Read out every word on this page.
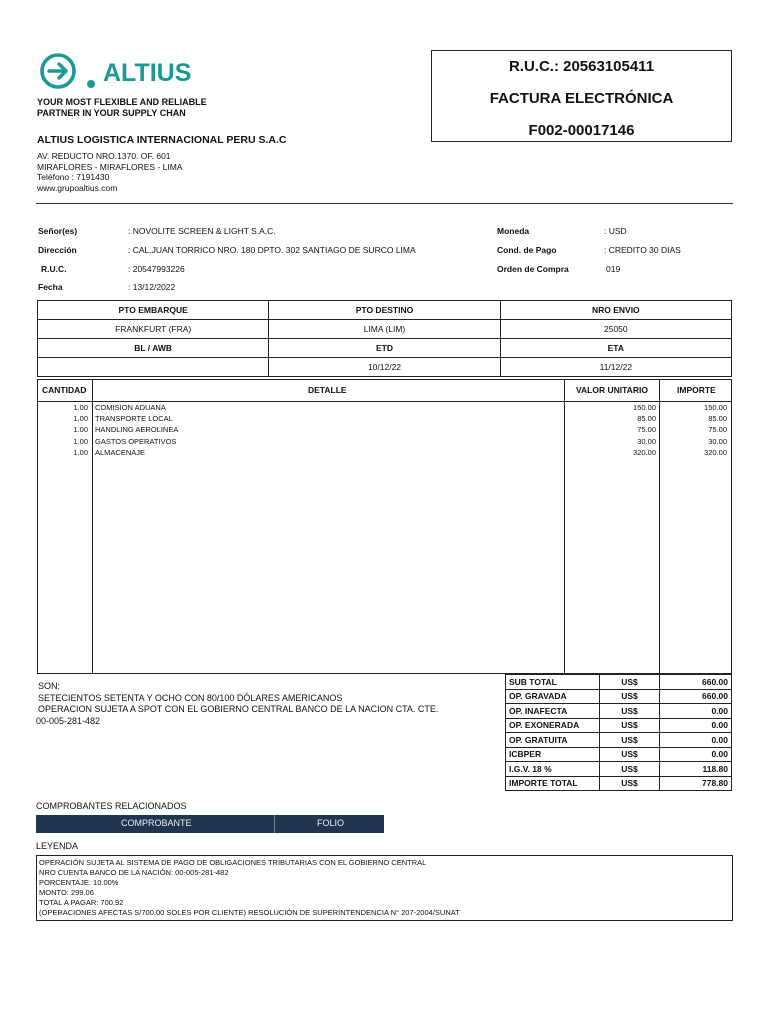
ALTIUS
YOUR MOST FLEXIBLE AND RELIABLE
PARTNER IN YOUR SUPPLY CHAN
ALTIUS LOGISTICA INTERNACIONAL PERU S.A.C
AV. REDUCTO NRO.1370. OF. 601
MIRAFLORES - MIRAFLORES - LIMA
Teléfono : 7191430
www.grupoaltius.com
R.U.C.: 20563105411
FACTURA ELECTRÓNICA
F002-00017146
Señor(es)	: NOVOLITE SCREEN & LIGHT S.A.C.
Dirección	: CAL.JUAN TORRICO NRO. 180 DPTO. 302 SANTIAGO DE SURCO LIMA
R.U.C.	: 20547993226
Fecha	: 13/12/2022
Moneda	: USD
Cond. de Pago	: CREDITO 30 DIAS
Orden de Compra	019
PTO EMBARQUE	PTO DESTINO	NRO ENVIO
FRANKFURT (FRA)	LIMA (LIM)	25050
BL / AWB	ETD	ETA
	10/12/22	11/12/22
CANTIDAD	DETALLE	VALOR UNITARIO	IMPORTE
1.00 COMISION ADUANA	150.00	150.00
1.00 TRANSPORTE LOCAL	85.00	85.00
1.00 HANDLING AEROLINEA	75.00	75.00
1.00 GASTOS OPERATIVOS	30.00	30.00
1.00 ALMACENAJE	320.00	320.00
SON:
SETECIENTOS SETENTA Y OCHO CON 80/100 DÓLARES AMERICANOS
OPERACION SUJETA A SPOT CON EL GOBIERNO CENTRAL BANCO DE LA NACION CTA. CTE.
00-005-281-482
SUB TOTAL	US$	660.00
OP. GRAVADA	US$	660.00
OP. INAFECTA	US$	0.00
OP. EXONERADA	US$	0.00
OP. GRATUITA	US$	0.00
ICBPER	US$	0.00
I.G.V. 18 %	US$	118.80
IMPORTE TOTAL	US$	778.80
COMPROBANTES RELACIONADOS
COMPROBANTE	FOLIO
LEYENDA
OPERACIÓN SUJETA AL SISTEMA DE PAGO DE OBLIGACIONES TRIBUTARIAS CON EL GOBIERNO CENTRAL
NRO CUENTA BANCO DE LA NACIÓN: 00-005-281-482
PORCENTAJE: 10.00%
MONTO: 299.06
TOTAL A PAGAR: 700.92
(OPERACIONES AFECTAS S/700.00 SOLES POR CLIENTE) RESOLUCIÓN DE SUPERINTENDENCIA N° 207-2004/SUNAT
